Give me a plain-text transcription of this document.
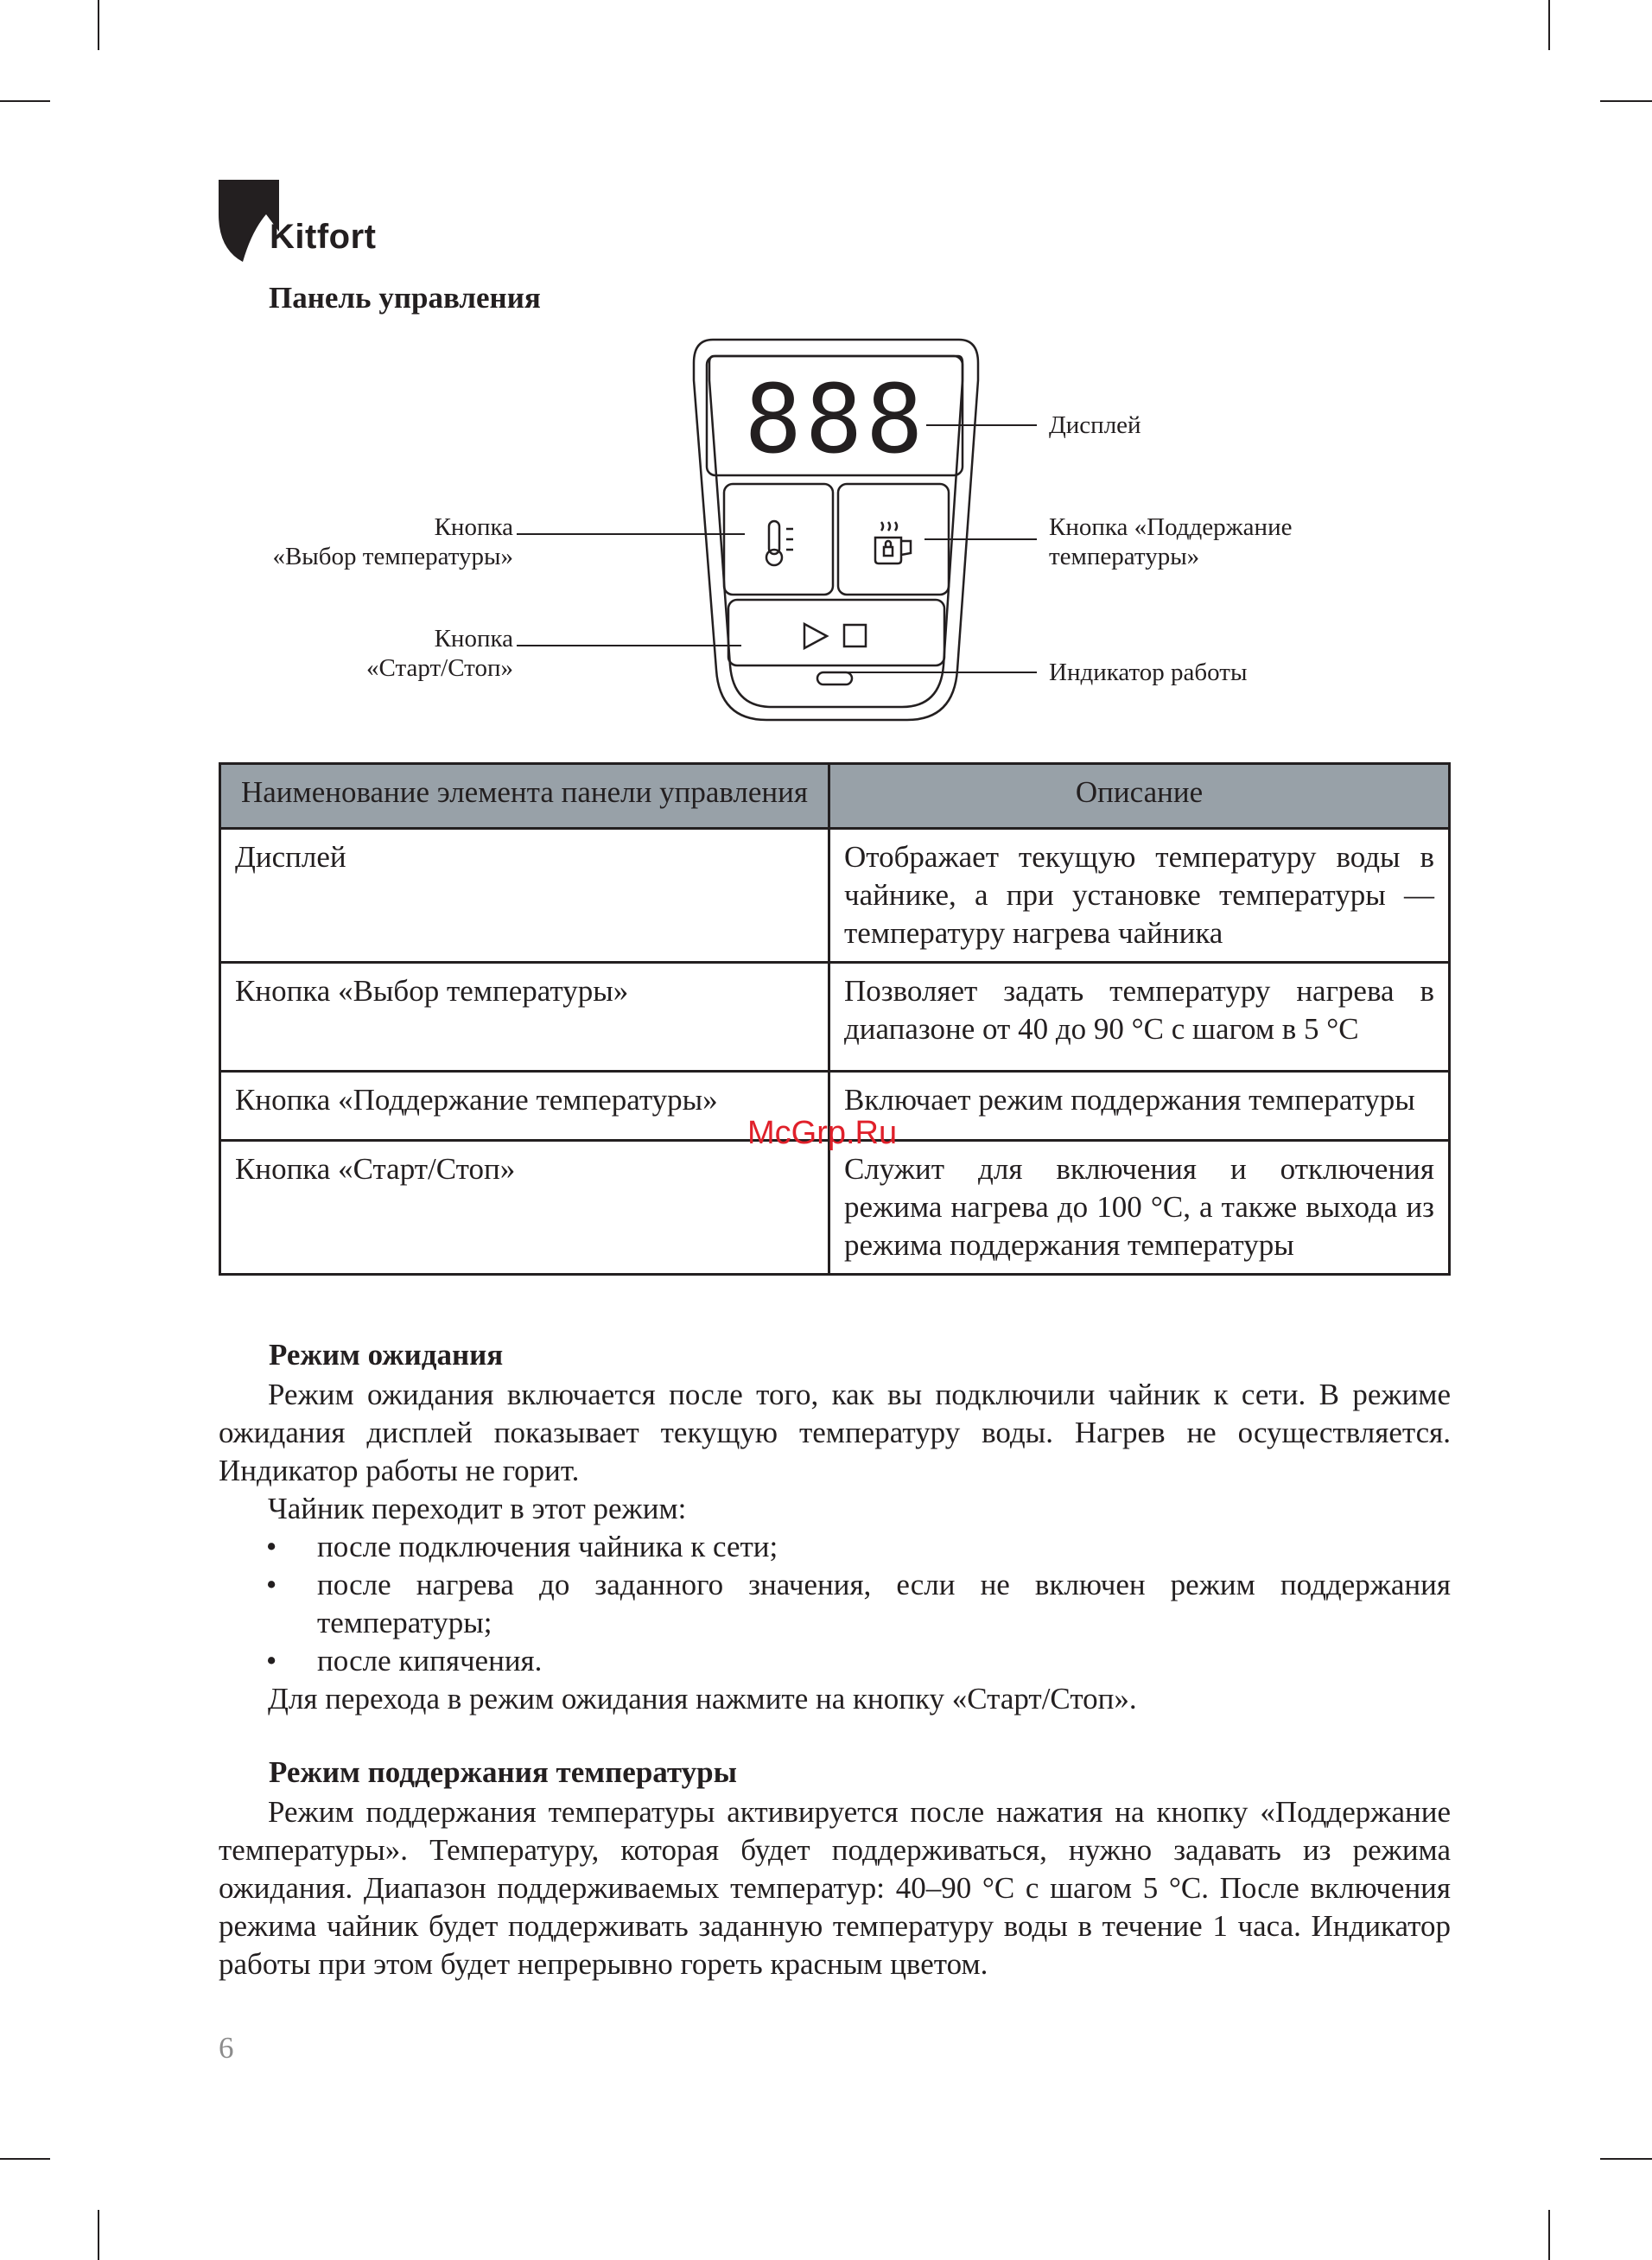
Kitfort
Панель управления
888	Дисплей
Кнопка
«Выбор температуры»
Кнопка «Поддержание
температуры»
Кнопка
«Старт/Стоп»	Индикатор работы
Наименование элемента панели управления	Описание
Дисплей	Отображает текущую температуру воды в чайнике, а при установке температуры — температуру нагрева чайника
Кнопка «Выбор температуры»	Позволяет задать температуру нагрева в диапазоне от 40 до 90 °C с шагом в 5 °C
Кнопка «Поддержание температуры»	Включает режим поддержания температуры
Кнопка «Старт/Стоп»	Служит для включения и отключения режима нагрева до 100 °C, а также выхода из режима поддержания температуры
McGrp.Ru
Режим ожидания

Режим ожидания включается после того, как вы подключили чайник к сети. В режиме ожидания дисплей показывает текущую температуру воды. Нагрев не осуществляется. Индикатор работы не горит.

Чайник переходит в этот режим:

• после подключения чайника к сети;
• после нагрева до заданного значения, если не включен режим поддержания температуры;
• после кипячения.

Для перехода в режим ожидания нажмите на кнопку «Старт/Стоп».

Режим поддержания температуры

Режим поддержания температуры активируется после нажатия на кнопку «Поддержание температуры». Температуру, которая будет поддерживаться, нужно задавать из режима ожидания. Диапазон поддерживаемых температур: 40–90 °C с шагом 5 °C. После включения режима чайник будет поддерживать заданную температуру воды в течение 1 часа. Индикатор работы при этом будет непрерывно гореть красным цветом.

6
